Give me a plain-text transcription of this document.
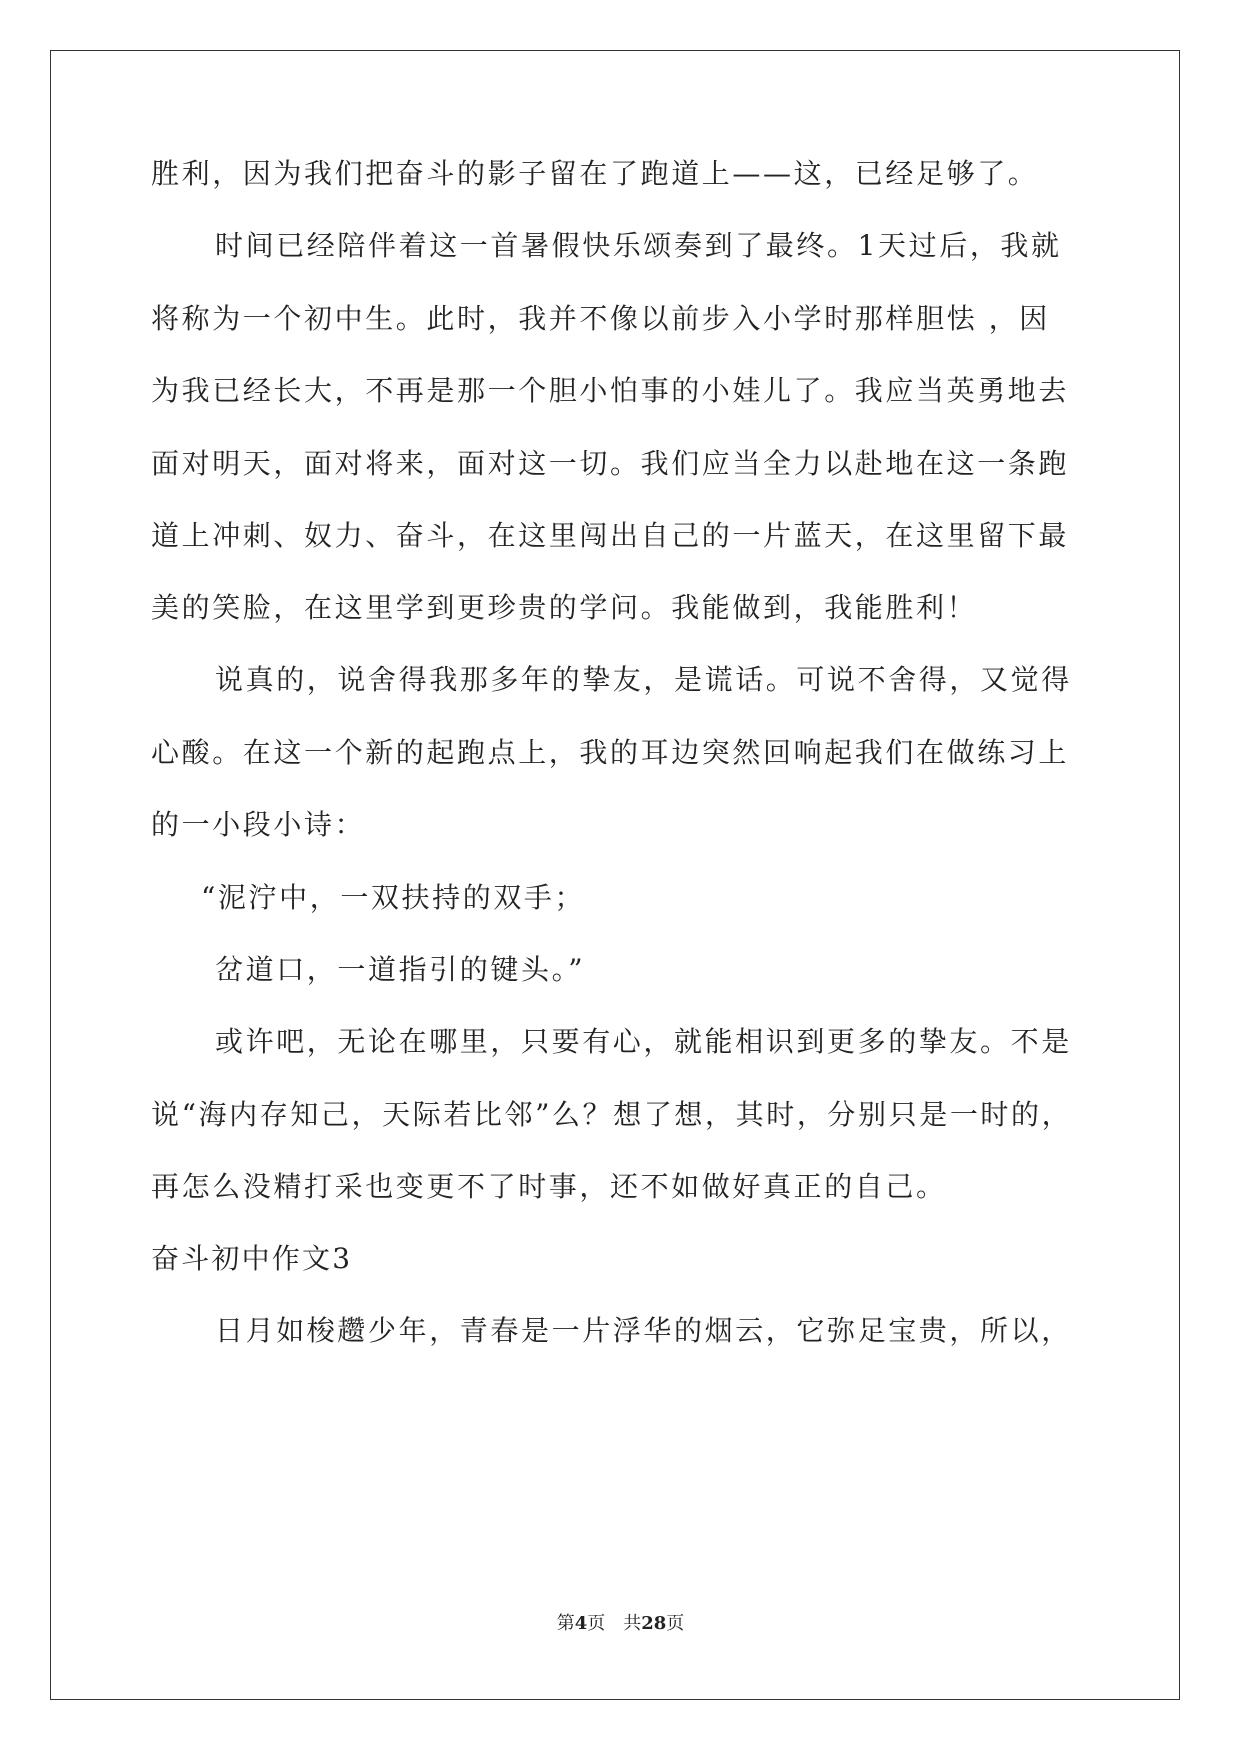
胜利，因为我们把奋斗的影子留在了跑道上——这，已经足够了。
时间已经陪伴着这一首暑假快乐颂奏到了最终。1天过后，我就
将称为一个初中生。此时，我并不像以前步入小学时那样胆怯 ，因
为我已经长大，不再是那一个胆小怕事的小娃儿了。我应当英勇地去
面对明天，面对将来，面对这一切。我们应当全力以赴地在这一条跑
道上冲刺、奴力、奋斗，在这里闯出自己的一片蓝天，在这里留下最
美的笑脸，在这里学到更珍贵的学问。我能做到，我能胜利！
说真的，说舍得我那多年的挚友，是谎话。可说不舍得，又觉得
心酸。在这一个新的起跑点上，我的耳边突然回响起我们在做练习上
的一小段小诗：
“泥泞中，一双扶持的双手；
岔道口，一道指引的键头。”
或许吧，无论在哪里，只要有心，就能相识到更多的挚友。不是
说“海内存知己，天际若比邻”么？想了想，其时，分别只是一时的，
再怎么没精打采也变更不了时事，还不如做好真正的自己。
奋斗初中作文3
日月如梭趱少年，青春是一片浮华的烟云，它弥足宝贵，所以，
第4页　共28页
